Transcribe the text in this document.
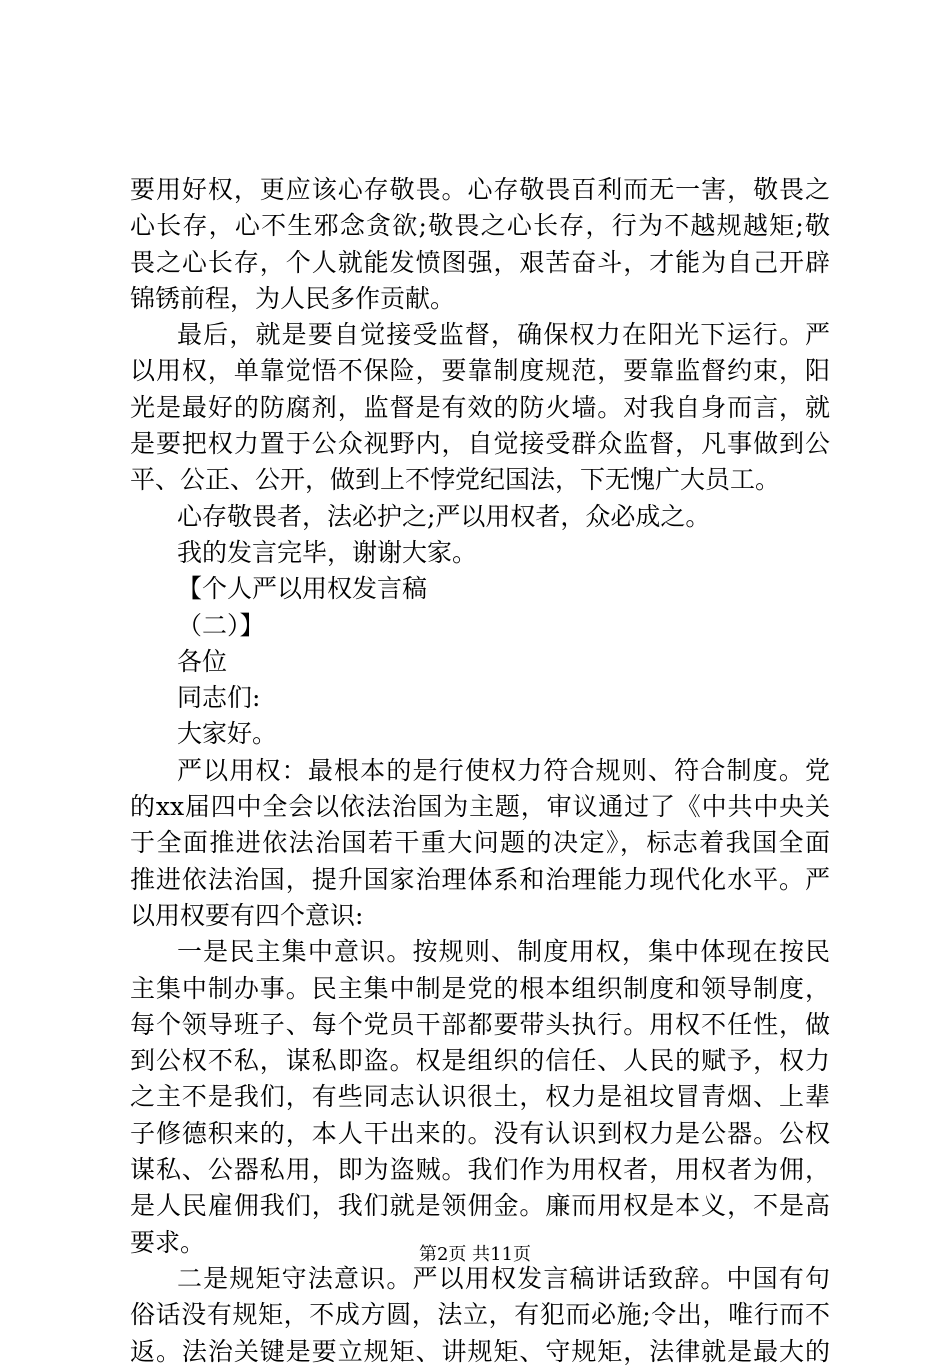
要用好权，更应该心存敬畏。心存敬畏百利而无一害，敬畏之
心长存，心不生邪念贪欲;敬畏之心长存，行为不越规越矩;敬
畏之心长存，个人就能发愤图强，艰苦奋斗，才能为自己开辟
锦锈前程，为人民多作贡献。
最后，就是要自觉接受监督，确保权力在阳光下运行。严
以用权，单靠觉悟不保险，要靠制度规范，要靠监督约束，阳
光是最好的防腐剂，监督是有效的防火墙。对我自身而言，就
是要把权力置于公众视野内，自觉接受群众监督，凡事做到公
平、公正、公开，做到上不悖党纪国法，下无愧广大员工。
心存敬畏者，法必护之;严以用权者，众必成之。
我的发言完毕，谢谢大家。
【个人严以用权发言稿
（二）】
各位
同志们:
大家好。
严以用权：最根本的是行使权力符合规则、符合制度。党
的xx届四中全会以依法治国为主题，审议通过了《中共中央关
于全面推进依法治国若干重大问题的决定》，标志着我国全面
推进依法治国，提升国家治理体系和治理能力现代化水平。严
以用权要有四个意识:
一是民主集中意识。按规则、制度用权，集中体现在按民
主集中制办事。民主集中制是党的根本组织制度和领导制度，
每个领导班子、每个党员干部都要带头执行。用权不任性，做
到公权不私，谋私即盗。权是组织的信任、人民的赋予，权力
之主不是我们，有些同志认识很土，权力是祖坟冒青烟、上辈
子修德积来的，本人干出来的。没有认识到权力是公器。公权
谋私、公器私用，即为盗贼。我们作为用权者，用权者为佣，
是人民雇佣我们，我们就是领佣金。廉而用权是本义，不是高
要求。
二是规矩守法意识。严以用权发言稿讲话致辞。中国有句
俗话没有规矩，不成方圆，法立，有犯而必施;令出，唯行而不
返。法治关键是要立规矩、讲规矩、守规矩，法律就是最大的
第2页 共11页
